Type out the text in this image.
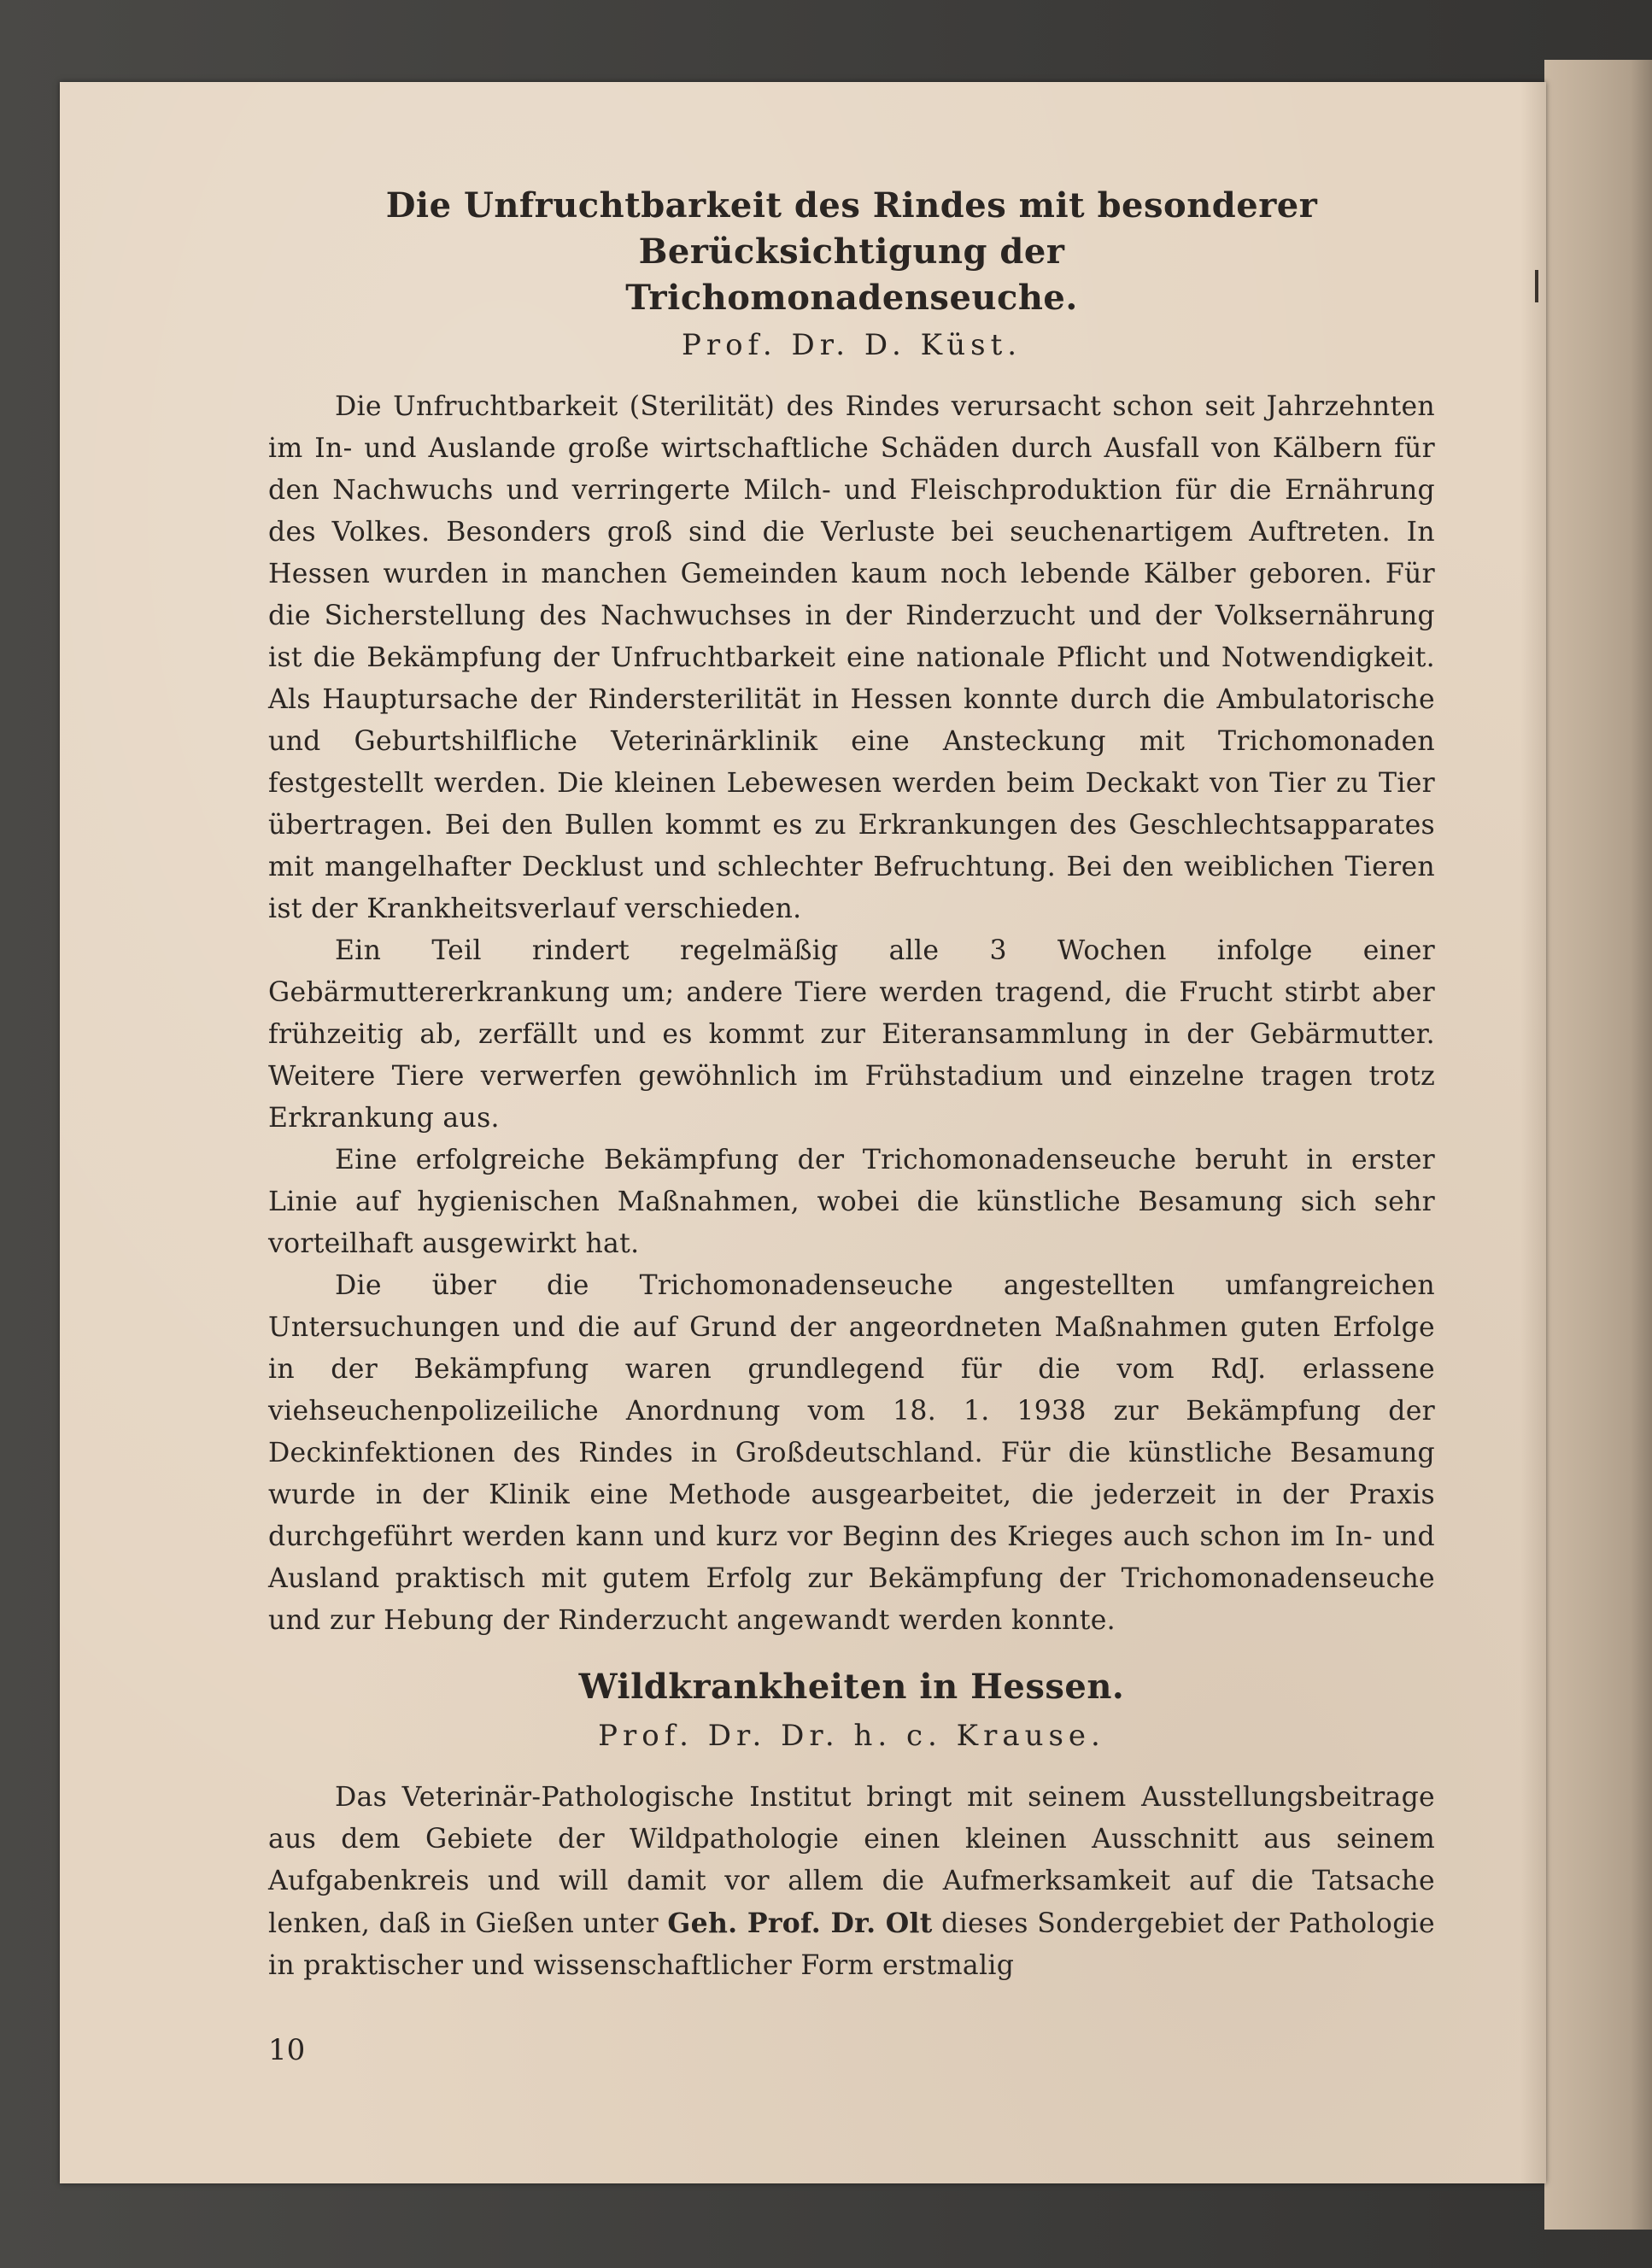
Die Unfruchtbarkeit des Rindes mit besonderer Berücksichtigung der
Trichomonadenseuche.
Prof. Dr. D. Küst.

Die Unfruchtbarkeit (Sterilität) des Rindes verursacht schon seit Jahrzehnten im In- und Auslande große wirtschaftliche Schäden durch Ausfall von Kälbern für den Nachwuchs und verringerte Milch- und Fleischproduktion für die Ernährung des Volkes. Besonders groß sind die Verluste bei seuchenartigem Auftreten. In Hessen wurden in manchen Gemeinden kaum noch lebende Kälber geboren. Für die Sicherstellung des Nachwuchses in der Rinderzucht und der Volksernährung ist die Bekämpfung der Unfruchtbarkeit eine nationale Pflicht und Notwendigkeit. Als Hauptursache der Rindersterilität in Hessen konnte durch die Ambulatorische und Geburtshilfliche Veterinärklinik eine Ansteckung mit Trichomonaden festgestellt werden. Die kleinen Lebewesen werden beim Deckakt von Tier zu Tier übertragen. Bei den Bullen kommt es zu Erkrankungen des Geschlechtsapparates mit mangelhafter Decklust und schlechter Befruchtung. Bei den weiblichen Tieren ist der Krankheitsverlauf verschieden.

Ein Teil rindert regelmäßig alle 3 Wochen infolge einer Gebärmuttererkrankung um; andere Tiere werden tragend, die Frucht stirbt aber frühzeitig ab, zerfällt und es kommt zur Eiteransammlung in der Gebärmutter. Weitere Tiere verwerfen gewöhnlich im Frühstadium und einzelne tragen trotz Erkrankung aus.

Eine erfolgreiche Bekämpfung der Trichomonadenseuche beruht in erster Linie auf hygienischen Maßnahmen, wobei die künstliche Besamung sich sehr vorteilhaft ausgewirkt hat.

Die über die Trichomonadenseuche angestellten umfangreichen Untersuchungen und die auf Grund der angeordneten Maßnahmen guten Erfolge in der Bekämpfung waren grundlegend für die vom RdJ. erlassene viehseuchenpolizeiliche Anordnung vom 18. 1. 1938 zur Bekämpfung der Deckinfektionen des Rindes in Großdeutschland. Für die künstliche Besamung wurde in der Klinik eine Methode ausgearbeitet, die jederzeit in der Praxis durchgeführt werden kann und kurz vor Beginn des Krieges auch schon im In- und Ausland praktisch mit gutem Erfolg zur Bekämpfung der Trichomonadenseuche und zur Hebung der Rinderzucht angewandt werden konnte.

Wildkrankheiten in Hessen.
Prof. Dr. Dr. h. c. Krause.

Das Veterinär-Pathologische Institut bringt mit seinem Ausstellungsbeitrage aus dem Gebiete der Wildpathologie einen kleinen Ausschnitt aus seinem Aufgabenkreis und will damit vor allem die Aufmerksamkeit auf die Tatsache lenken, daß in Gießen unter Geh. Prof. Dr. Olt dieses Sondergebiet der Pathologie in praktischer und wissenschaftlicher Form erstmalig

10
